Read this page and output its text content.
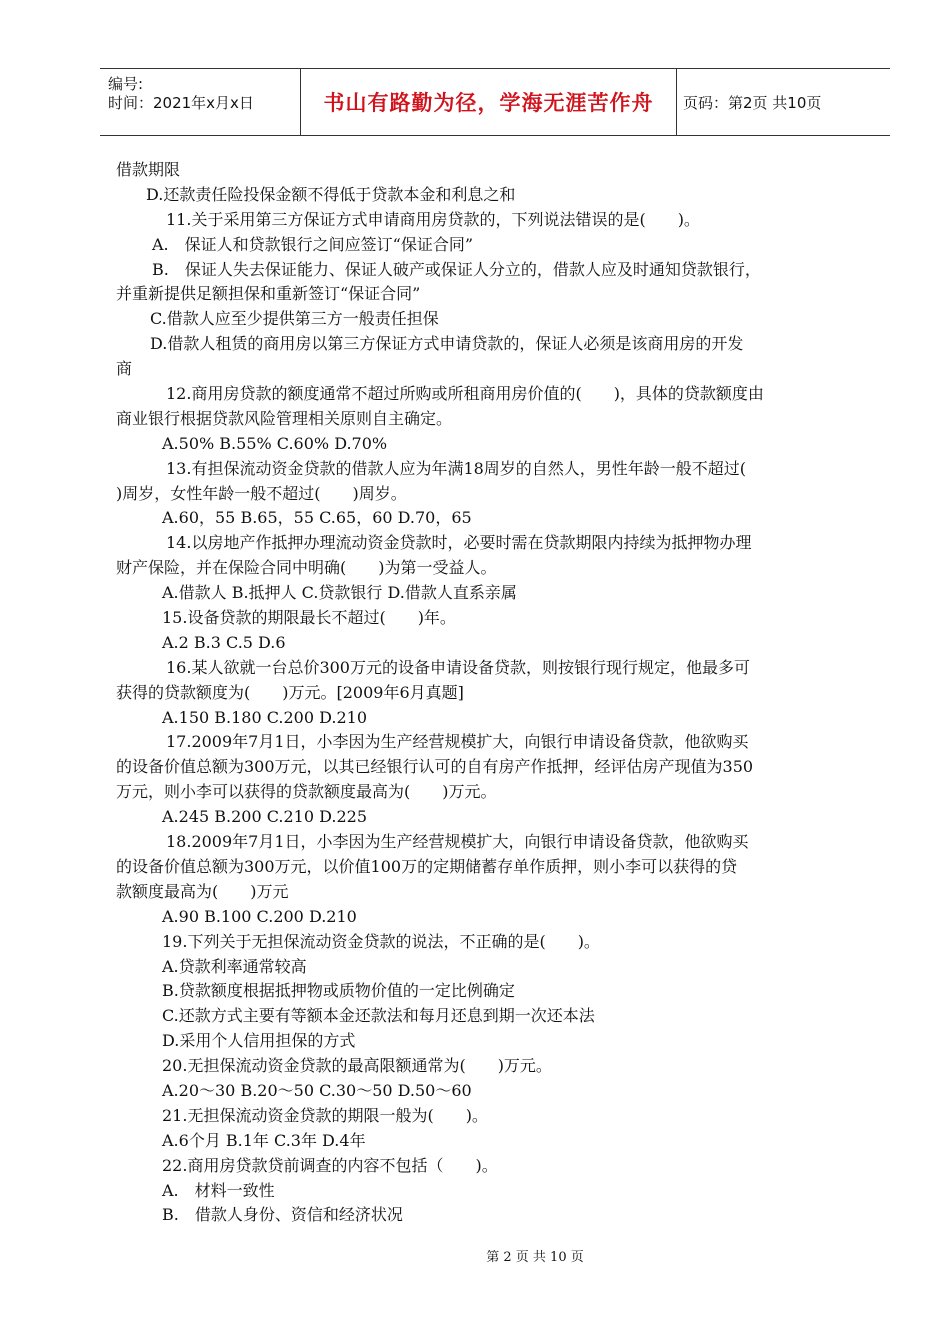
编号:
时间：2021年x月x日	书山有路勤为径，学海无涯苦作舟 页码：第2页 共10页
借款期限
D.还款责任险投保金额不得低于贷款本金和利息之和
11.关于采用第三方保证方式申请商用房贷款的，下列说法错误的是(　　)。
A.　保证人和贷款银行之间应签订“保证合同”
B.　保证人失去保证能力、保证人破产或保证人分立的，借款人应及时通知贷款银行，
并重新提供足额担保和重新签订“保证合同”
C.借款人应至少提供第三方一般责任担保
D.借款人租赁的商用房以第三方保证方式申请贷款的，保证人必须是该商用房的开发
商
12.商用房贷款的额度通常不超过所购或所租商用房价值的(　　)，具体的贷款额度由
商业银行根据贷款风险管理相关原则自主确定。
A.50% B.55% C.60% D.70%
13.有担保流动资金贷款的借款人应为年满18周岁的自然人，男性年龄一般不超过(
)周岁，女性年龄一般不超过(　　)周岁。
A.60，55 B.65，55 C.65，60 D.70，65
14.以房地产作抵押办理流动资金贷款时，必要时需在贷款期限内持续为抵押物办理
财产保险，并在保险合同中明确(　　)为第一受益人。
A.借款人 B.抵押人 C.贷款银行 D.借款人直系亲属
15.设备贷款的期限最长不超过(　　)年。
A.2 B.3 C.5 D.6
16.某人欲就一台总价300万元的设备申请设备贷款，则按银行现行规定，他最多可
获得的贷款额度为(　　)万元。[2009年6月真题]
A.150 B.180 C.200 D.210
17.2009年7月1日，小李因为生产经营规模扩大，向银行申请设备贷款，他欲购买
的设备价值总额为300万元，以其已经银行认可的自有房产作抵押，经评估房产现值为350
万元，则小李可以获得的贷款额度最高为(　　)万元。
A.245 B.200 C.210 D.225
18.2009年7月1日，小李因为生产经营规模扩大，向银行申请设备贷款，他欲购买
的设备价值总额为300万元，以价值100万的定期储蓄存单作质押，则小李可以获得的贷
款额度最高为(　　)万元
A.90 B.100 C.200 D.210
19.下列关于无担保流动资金贷款的说法，不正确的是(　　)。
A.贷款利率通常较高
B.贷款额度根据抵押物或质物价值的一定比例确定
C.还款方式主要有等额本金还款法和每月还息到期一次还本法
D.采用个人信用担保的方式
20.无担保流动资金贷款的最高限额通常为(　　)万元。
A.20～30 B.20～50 C.30～50 D.50～60
21.无担保流动资金贷款的期限一般为(　　)。
A.6个月 B.1年 C.3年 D.4年
22.商用房贷款贷前调查的内容不包括（　　)。
A.　材料一致性
B.　借款人身份、资信和经济状况
第 2 页 共 10 页
